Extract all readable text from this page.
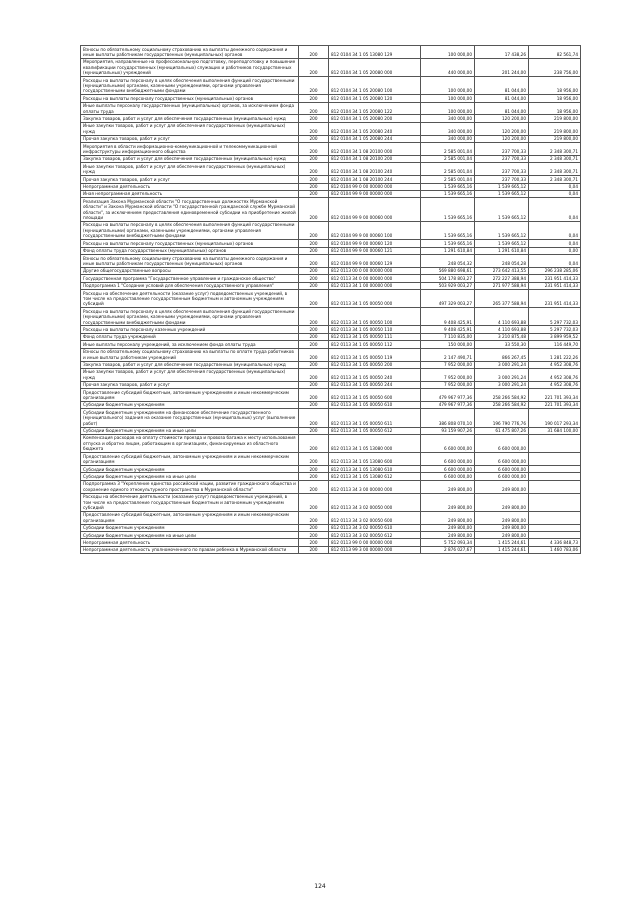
Взносы по обязательному социальному страхованию на выплаты денежного содержания и иные выплаты работникам государственных (муниципальных) органов	200	812 0104 34 1 05 13080 129	100 000,00	17 438,26	82 561,74
Мероприятия, направленные на профессиональную подготовку, переподготовку и повышение квалификации государственных (муниципальных) служащих и работников государственных (муниципальных) учреждений	200	812 0104 34 1 05 20080 000	440 000,00	201 244,00	238 756,00
Расходы на выплаты персоналу в целях обеспечения выполнения функций государственными (муниципальными) органами, казенными учреждениями, органами управления государственными внебюджетными фондами	200	812 0104 34 1 05 20080 100	100 000,00	81 044,00	18 956,00
Расходы на выплаты персоналу государственных (муниципальных) органов	200	812 0104 34 1 05 20080 120	100 000,00	81 044,00	18 956,00
Иные выплаты персоналу государственных (муниципальных) органов, за исключением фонда оплаты труда	200	812 0104 34 1 05 20080 122	100 000,00	81 044,00	18 956,00
Закупка товаров, работ и услуг для обеспечения государственных (муниципальных) нужд	200	812 0104 34 1 05 20080 200	340 000,00	120 200,00	219 800,00
Иные закупки товаров, работ и услуг для обеспечения государственных (муниципальных) нужд	200	812 0104 34 1 05 20080 240	340 000,00	120 200,00	219 800,00
Прочая закупка товаров, работ и услуг	200	812 0104 34 1 05 20080 244	340 000,00	120 200,00	219 800,00
Мероприятия в области информационно-коммуникационной и телекоммуникационной инфраструктуры информационного общества	200	812 0104 34 1 08 20100 000	2 585 001,04	237 700,33	2 348 300,71
Закупка товаров, работ и услуг для обеспечения государственных (муниципальных) нужд	200	812 0104 34 1 08 20100 200	2 585 001,04	237 700,33	2 348 300,71
Иные закупки товаров, работ и услуг для обеспечения государственных (муниципальных) нужд	200	812 0104 34 1 08 20100 240	2 585 001,04	237 700,33	2 348 300,71
Прочая закупка товаров, работ и услуг	200	812 0104 34 1 08 20100 244	2 585 001,04	237 700,33	2 348 300,71
Непрограммная деятельность	200	812 0104 99 0 00 00000 000	1 539 665,16	1 539 665,12	0,04
Иная непрограммная деятельность	200	812 0104 99 9 00 00000 000	1 539 665,16	1 539 665,12	0,04
Реализация Закона Мурманской области "О государственных должностях Мурманской области" и Закона Мурманской области "О государственной гражданской службе Мурманской области", за исключением предоставления единовременной субсидии на приобретение жилой площади	200	812 0104 99 9 00 00060 000	1 539 665,16	1 539 665,12	0,04
Расходы на выплаты персоналу в целях обеспечения выполнения функций государственными (муниципальными) органами, казенными учреждениями, органами управления государственными внебюджетными фондами	200	812 0104 99 9 00 00060 100	1 539 665,16	1 539 665,12	0,04
Расходы на выплаты персоналу государственных (муниципальных) органов	200	812 0104 99 9 00 00060 120	1 539 665,16	1 539 665,12	0,04
Фонд оплаты труда государственных (муниципальных) органов	200	812 0104 99 9 00 00060 121	1 291 610,84	1 291 610,84	0,00
Взносы по обязательному социальному страхованию на выплаты денежного содержания и иные выплаты работникам государственных (муниципальных) органов	200	812 0104 99 9 00 00060 129	248 054,32	248 054,28	0,04
Другие общегосударственные вопросы	200	812 0113 00 0 00 00000 000	569 880 698,61	273 642 413,55	296 238 285,06
Государственная программа "Государственное управление и гражданское общество"	200	812 0113 34 0 00 00000 000	504 178 803,27	272 227 388,94	231 951 414,33
Подпрограмма 1 "Создание условий для обеспечения государственного управления"	200	812 0113 34 1 00 00000 000	503 929 003,27	271 977 588,94	231 951 414,33
Расходы на обеспечение деятельности (оказание услуг) подведомственных учреждений, в том числе на предоставление государственным бюджетным и автономным учреждениям субсидий	200	812 0113 34 1 05 00050 000	497 329 003,27	265 377 588,94	231 951 414,33
Расходы на выплаты персоналу в целях обеспечения выполнения функций государственными (муниципальными) органами, казенными учреждениями, органами управления государственными внебюджетными фондами	200	812 0113 34 1 05 00050 100	9 408 425,91	4 110 693,88	5 297 732,03
Расходы на выплаты персоналу казенных учреждений	200	812 0113 34 1 05 00050 110	9 408 425,91	4 110 693,88	5 297 732,03
Фонд оплаты труда учреждений	200	812 0113 34 1 05 00050 111	7 110 835,00	3 210 875,48	3 899 959,52
Иные выплаты персоналу учреждений, за исключением фонда оплаты труда	200	812 0113 34 1 05 00050 112	150 000,00	33 550,30	116 449,70
Взносы по обязательному социальному страхованию на выплаты по оплате труда работников и иные выплаты работникам учреждений	200	812 0113 34 1 05 00050 119	2 147 490,71	866 267,45	1 281 222,26
Закупка товаров, работ и услуг для обеспечения государственных (муниципальных) нужд	200	812 0113 34 1 05 00050 200	7 952 000,00	3 000 291,24	4 952 308,76
Иные закупки товаров, работ и услуг для обеспечения государственных (муниципальных) нужд	200	812 0113 34 1 05 00050 240	7 952 000,00	3 000 291,24	4 952 308,76
Прочая закупка товаров, работ и услуг	200	812 0113 34 1 05 00050 244	7 952 000,00	3 000 291,24	4 952 308,76
Предоставление субсидий бюджетным, автономным учреждениям и иным некоммерческим организациям	200	812 0113 34 1 05 00050 600	479 967 977,36	258 266 584,92	221 701 393,34
Субсидии бюджетным учреждениям	200	812 0113 34 1 05 00050 610	479 967 977,36	258 266 584,92	221 701 393,34
Субсидии бюджетным учреждениям на финансовое обеспечение государственного (муниципального) задания на оказание государственных (муниципальных) услуг (выполнение работ)	200	812 0113 34 1 05 00050 611	386 808 070,10	196 790 776,76	190 017 293,34
Субсидии бюджетным учреждениям на иные цели	200	812 0113 34 1 05 00050 612	93 159 907,26	61 475 807,26	31 684 100,00
Компенсация расходов на оплату стоимости проезда и провоза багажа к месту использования отпуска и обратно лицам, работающим в организациях, финансируемых из областного бюджета	200	812 0113 34 1 05 13080 000	6 600 000,00	6 600 000,00	
Предоставление субсидий бюджетным, автономным учреждениям и иным некоммерческим организациям	200	812 0113 34 1 05 13080 600	6 600 000,00	6 600 000,00	
Субсидии бюджетным учреждениям	200	812 0113 34 1 05 13080 610	6 600 000,00	6 600 000,00	
Субсидии бюджетным учреждениям на иные цели	200	812 0113 34 1 05 13080 612	6 600 000,00	6 600 000,00	
Подпрограмма 3 "Укрепление единства российской нации, развитие гражданского общества и сохранение единого этнокультурного пространства в Мурманской области"	200	812 0113 34 3 00 00000 000	249 800,00	249 800,00	
Расходы на обеспечение деятельности (оказание услуг) подведомственных учреждений, в том числе на предоставление государственным бюджетным и автономным учреждениям субсидий	200	812 0113 34 3 02 00050 000	249 800,00	249 800,00	
Предоставление субсидий бюджетным, автономным учреждениям и иным некоммерческим организациям	200	812 0113 34 3 02 00050 600	249 800,00	249 800,00	
Субсидии бюджетным учреждениям	200	812 0113 34 3 02 00050 610	249 800,00	249 800,00	
Субсидии бюджетным учреждениям на иные цели	200	812 0113 34 3 02 00050 612	249 800,00	249 800,00	
Непрограммная деятельность	200	812 0113 99 0 00 00000 000	5 752 093,34	1 415 244,61	4 336 848,73
Непрограммная деятельность уполномоченного по правам ребенка в Мурманской области	200	812 0113 99 3 00 00000 000	2 876 027,67	1 415 244,61	1 460 783,06
124
